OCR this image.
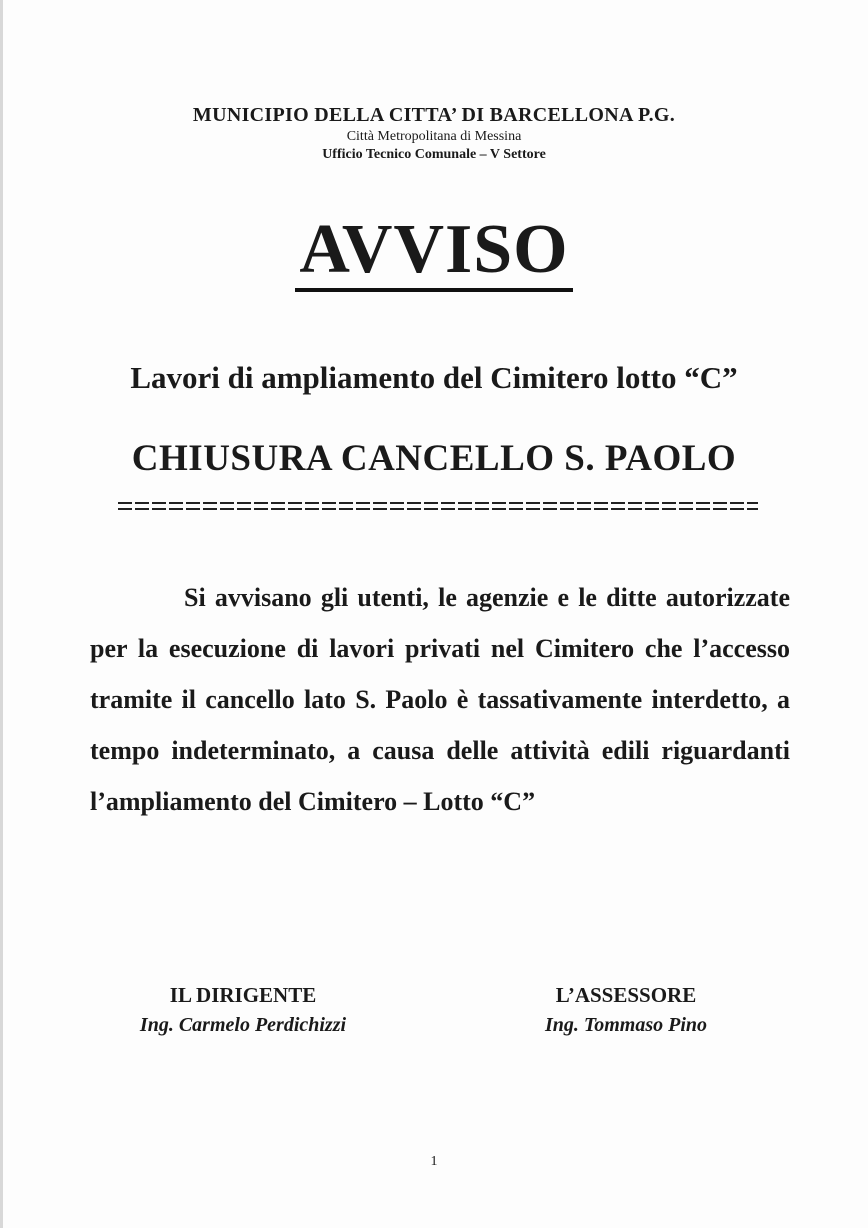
MUNICIPIO DELLA CITTA’ DI BARCELLONA P.G.
Città Metropolitana di Messina
Ufficio Tecnico Comunale – V Settore
AVVISO
Lavori di ampliamento del Cimitero lotto “C”
CHIUSURA CANCELLO S. PAOLO

Si avvisano gli utenti, le agenzie e le ditte autorizzate per la esecuzione di lavori privati nel Cimitero che l’accesso tramite il cancello lato S. Paolo è tassativamente interdetto, a tempo indeterminato, a causa delle attività edili riguardanti l’ampliamento del Cimitero – Lotto “C”

IL DIRIGENTE
Ing. Carmelo Perdichizzi
L’ASSESSORE
Ing. Tommaso Pino
1
